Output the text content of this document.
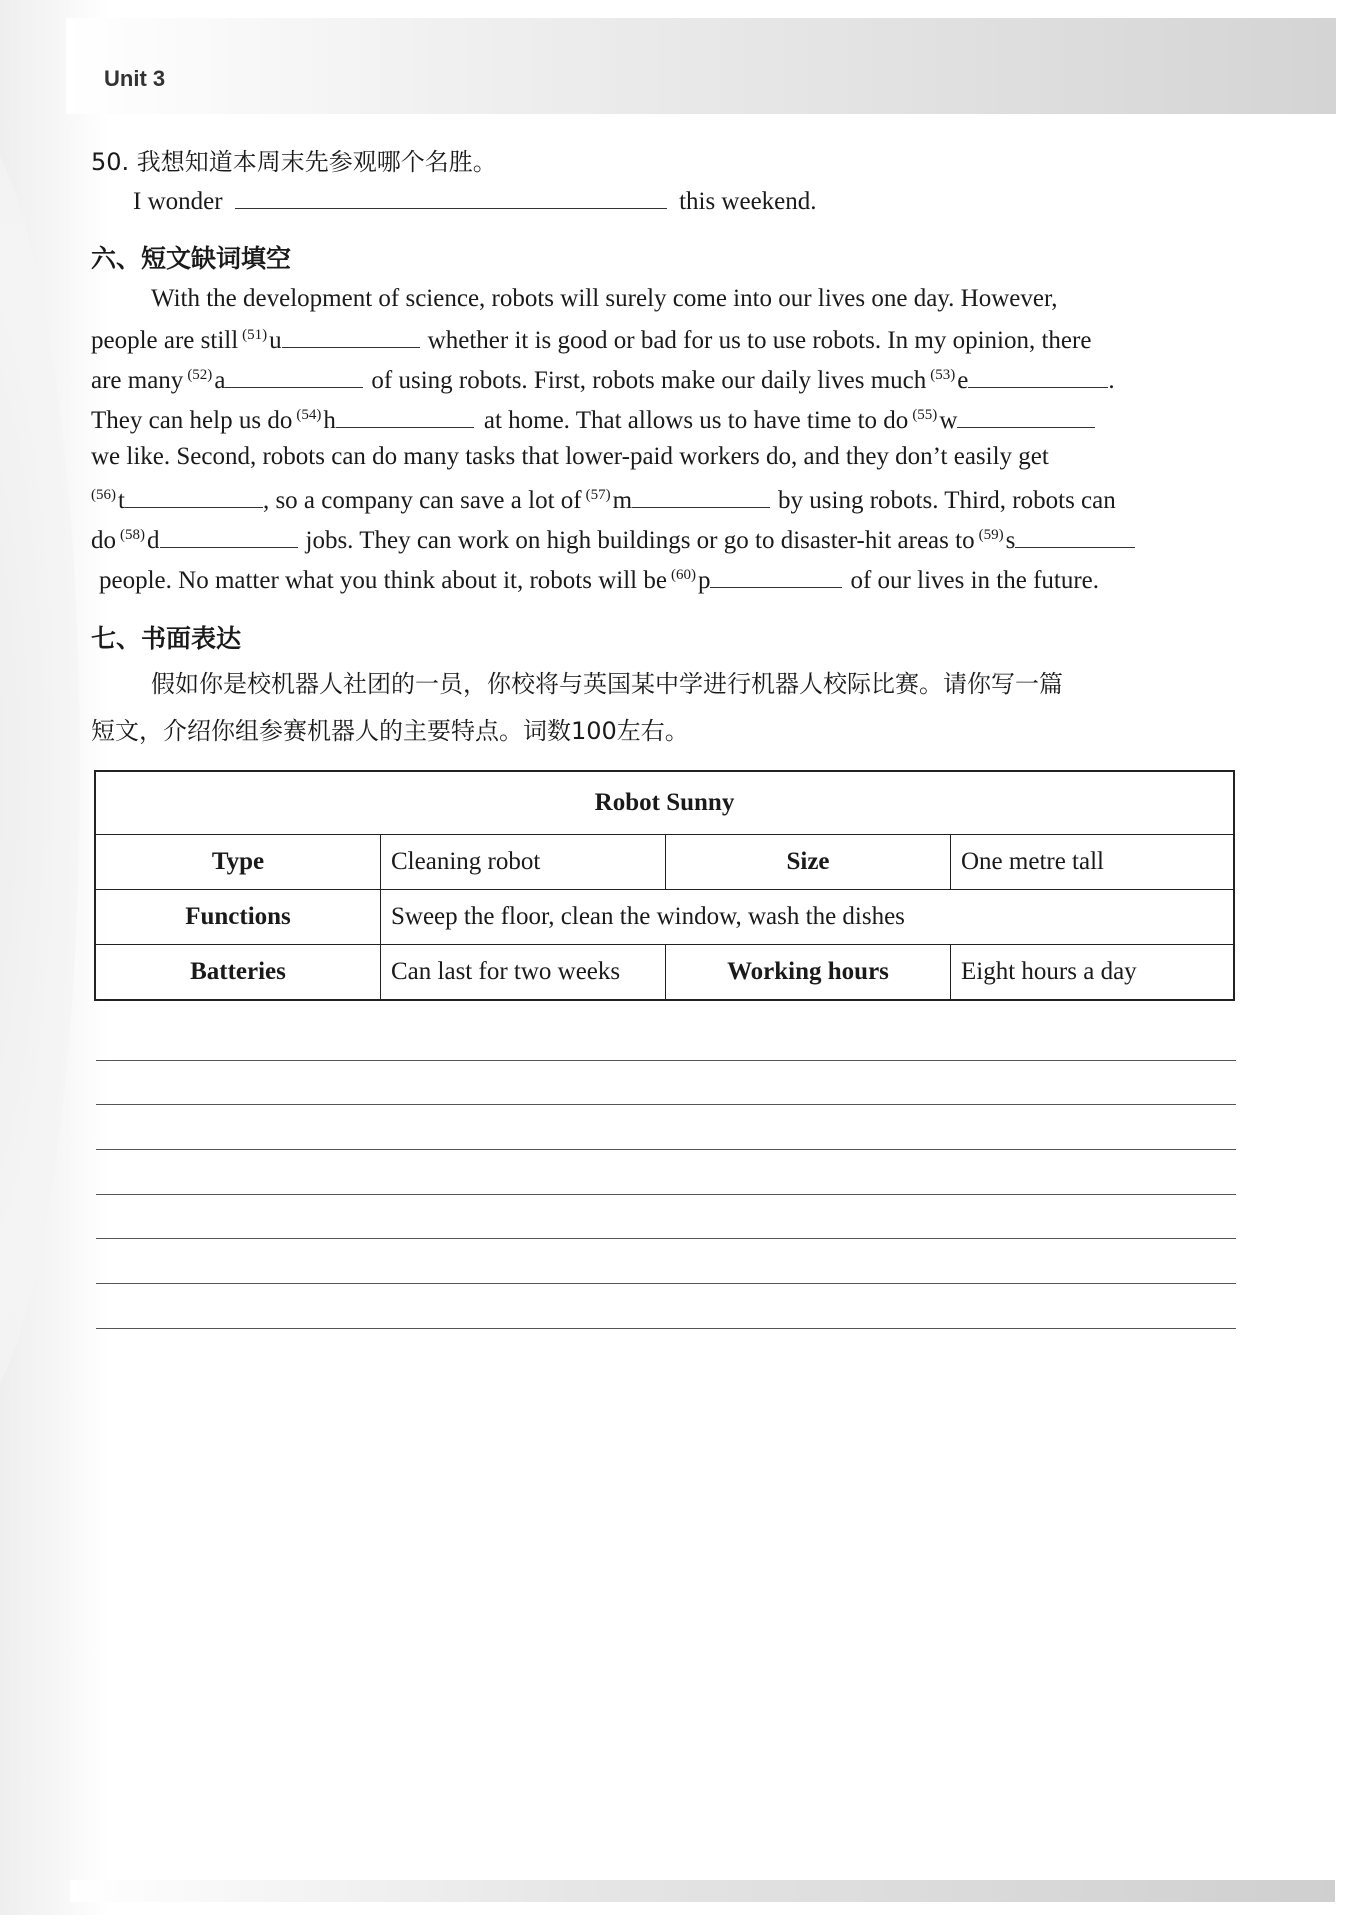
Unit 3
50. 我想知道本周末先参观哪个名胜。
I wonder	this weekend.
六、短文缺词填空
With the development of science, robots will surely come into our lives one day. However,
people are still $^{(51)}$u	whether it is good or bad for us to use robots. In my opinion, there
are many $^{(52)}$a	of using robots. First, robots make our daily lives much $^{(53)}$e	.
They can help us do $^{(54)}$h	at home. That allows us to have time to do $^{(55)}$w
we like. Second, robots can do many tasks that lower-paid workers do, and they don’t easily get
$^{(56)}$t	, so a company can save a lot of $^{(57)}$m	by using robots. Third, robots can
do $^{(58)}$d	jobs. They can work on high buildings or go to disaster-hit areas to $^{(59)}$s
people. No matter what you think about it, robots will be $^{(60)}$p	of our lives in the future.
七、书面表达
假如你是校机器人社团的一员，你校将与英国某中学进行机器人校际比赛。请你写一篇
短文，介绍你组参赛机器人的主要特点。词数100左右。
Robot Sunny			
Type	Cleaning robot	Size	One metre tall
Functions	Sweep the floor, clean the window, wash the dishes		
Batteries	Can last for two weeks	Working hours	Eight hours a day
